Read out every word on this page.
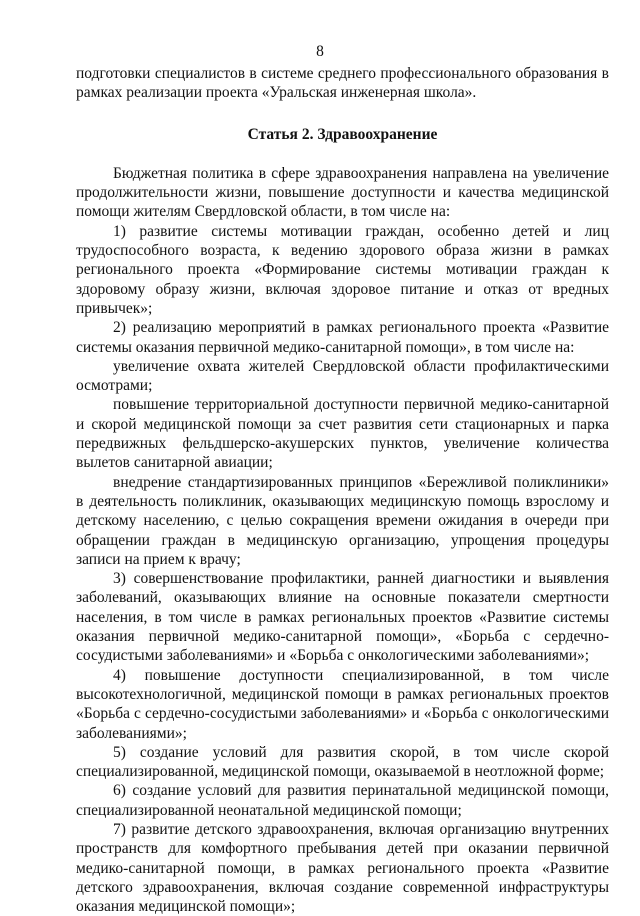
8

подготовки специалистов в системе среднего профессионального образования в рамках реализации проекта «Уральская инженерная школа».

Статья 2. Здравоохранение

Бюджетная политика в сфере здравоохранения направлена на увеличение продолжительности жизни, повышение доступности и качества медицинской помощи жителям Свердловской области, в том числе на:

1) развитие системы мотивации граждан, особенно детей и лиц трудоспособного возраста, к ведению здорового образа жизни в рамках регионального проекта «Формирование системы мотивации граждан к здоровому образу жизни, включая здоровое питание и отказ от вредных привычек»;

2) реализацию мероприятий в рамках регионального проекта «Развитие системы оказания первичной медико-санитарной помощи», в том числе на:

увеличение охвата жителей Свердловской области профилактическими осмотрами;

повышение территориальной доступности первичной медико-санитарной и скорой медицинской помощи за счет развития сети стационарных и парка передвижных фельдшерско-акушерских пунктов, увеличение количества вылетов санитарной авиации;

внедрение стандартизированных принципов «Бережливой поликлиники» в деятельность поликлиник, оказывающих медицинскую помощь взрослому и детскому населению, с целью сокращения времени ожидания в очереди при обращении граждан в медицинскую организацию, упрощения процедуры записи на прием к врачу;

3) совершенствование профилактики, ранней диагностики и выявления заболеваний, оказывающих влияние на основные показатели смертности населения, в том числе в рамках региональных проектов «Развитие системы оказания первичной медико-санитарной помощи», «Борьба с сердечно-сосудистыми заболеваниями» и «Борьба с онкологическими заболеваниями»;

4) повышение доступности специализированной, в том числе высокотехнологичной, медицинской помощи в рамках региональных проектов «Борьба с сердечно-сосудистыми заболеваниями» и «Борьба с онкологическими заболеваниями»;

5) создание условий для развития скорой, в том числе скорой специализированной, медицинской помощи, оказываемой в неотложной форме;

6) создание условий для развития перинатальной медицинской помощи, специализированной неонатальной медицинской помощи;

7) развитие детского здравоохранения, включая организацию внутренних пространств для комфортного пребывания детей при оказании первичной медико-санитарной помощи, в рамках регионального проекта «Развитие детского здравоохранения, включая создание современной инфраструктуры оказания медицинской помощи»;
